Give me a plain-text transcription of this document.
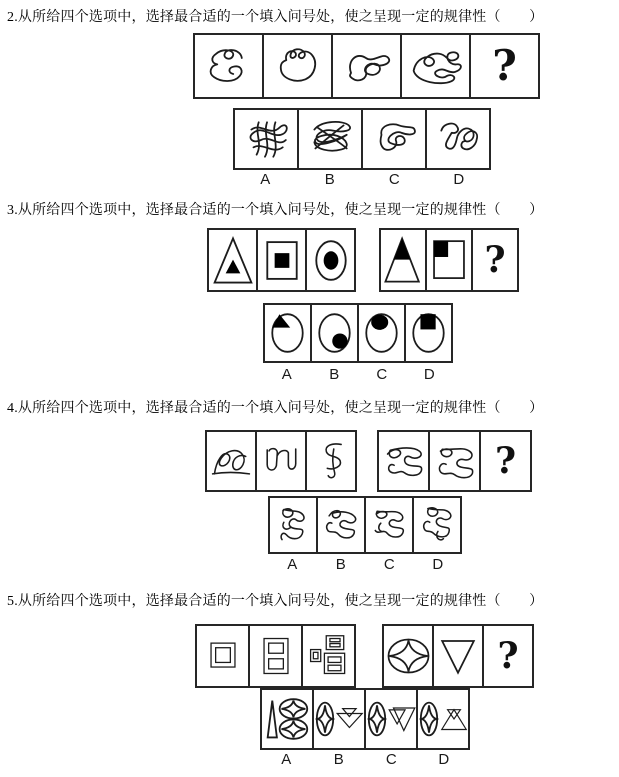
2.从所给四个选项中，选择最合适的一个填入问号处，使之呈现一定的规律性（　　）
?
A	B	C	D
3.从所给四个选项中，选择最合适的一个填入问号处，使之呈现一定的规律性（　　）
?
A	B	C	D
4.从所给四个选项中，选择最合适的一个填入问号处，使之呈现一定的规律性（　　）
?
A	B	C	D
5.从所给四个选项中，选择最合适的一个填入问号处，使之呈现一定的规律性（　　）
?
A	B	C	D
